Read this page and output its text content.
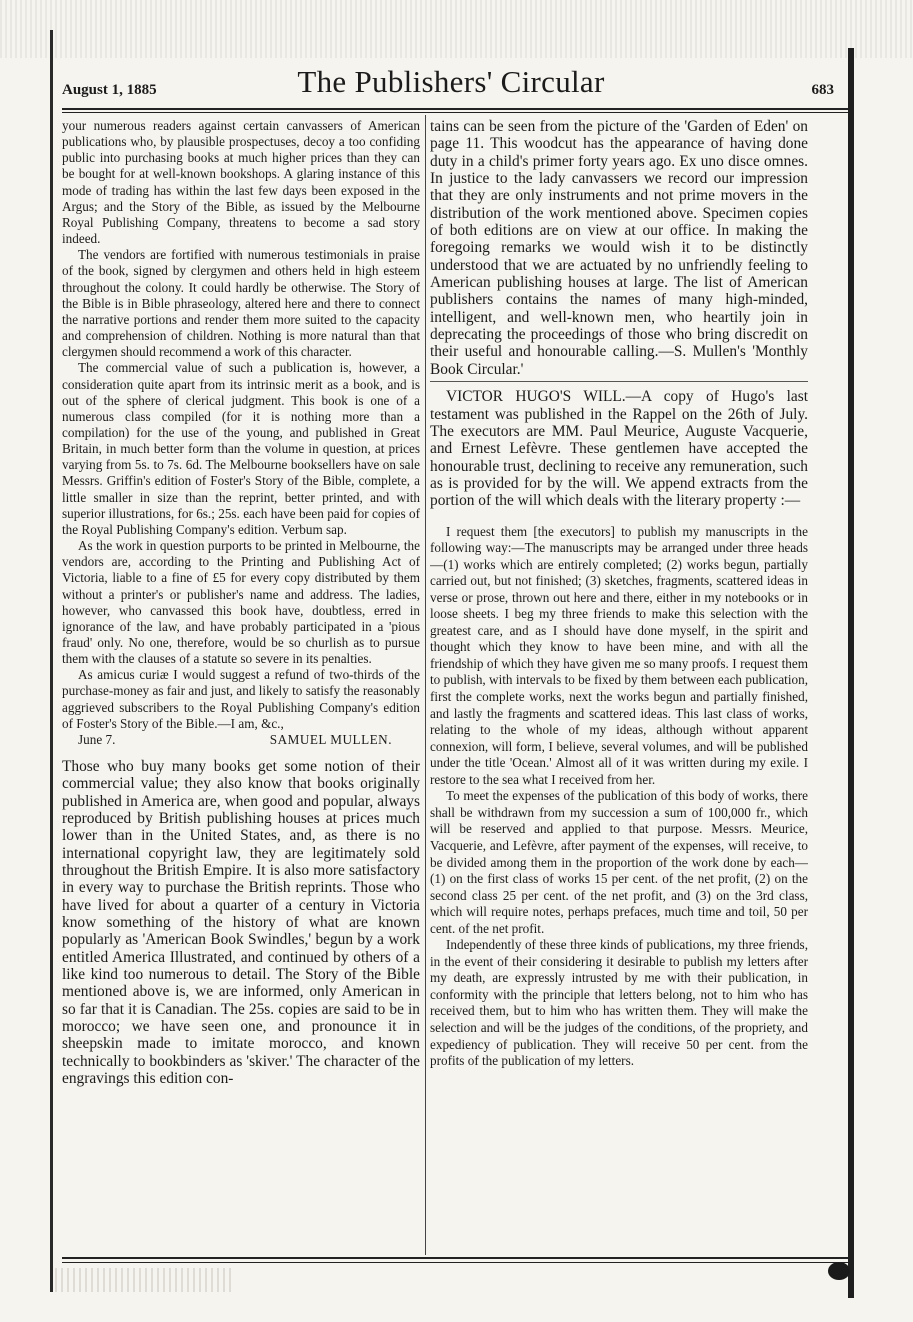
August 1, 1885	The Publishers' Circular	683

your numerous readers against certain canvassers of American publications who, by plausible prospectuses, decoy a too confiding public into purchasing books at much higher prices than they can be bought for at well-known bookshops. A glaring instance of this mode of trading has within the last few days been exposed in the Argus; and the Story of the Bible, as issued by the Melbourne Royal Publishing Company, threatens to become a sad story indeed.

The vendors are fortified with numerous testimonials in praise of the book, signed by clergymen and others held in high esteem throughout the colony. It could hardly be otherwise. The Story of the Bible is in Bible phraseology, altered here and there to connect the narrative portions and render them more suited to the capacity and comprehension of children. Nothing is more natural than that clergymen should recommend a work of this character.

The commercial value of such a publication is, however, a consideration quite apart from its intrinsic merit as a book, and is out of the sphere of clerical judgment. This book is one of a numerous class compiled (for it is nothing more than a compilation) for the use of the young, and published in Great Britain, in much better form than the volume in question, at prices varying from 5s. to 7s. 6d. The Melbourne booksellers have on sale Messrs. Griffin's edition of Foster's Story of the Bible, complete, a little smaller in size than the reprint, better printed, and with superior illustrations, for 6s.; 25s. each have been paid for copies of the Royal Publishing Company's edition. Verbum sap.

As the work in question purports to be printed in Melbourne, the vendors are, according to the Printing and Publishing Act of Victoria, liable to a fine of £5 for every copy distributed by them without a printer's or publisher's name and address. The ladies, however, who canvassed this book have, doubtless, erred in ignorance of the law, and have probably participated in a 'pious fraud' only. No one, therefore, would be so churlish as to pursue them with the clauses of a statute so severe in its penalties.

As amicus curiæ I would suggest a refund of two-thirds of the purchase-money as fair and just, and likely to satisfy the reasonably aggrieved subscribers to the Royal Publishing Company's edition of Foster's Story of the Bible.—I am, &c.,

June 7.	SAMUEL MULLEN.

Those who buy many books get some notion of their commercial value; they also know that books originally published in America are, when good and popular, always reproduced by British publishing houses at prices much lower than in the United States, and, as there is no international copyright law, they are legitimately sold throughout the British Empire. It is also more satisfactory in every way to purchase the British reprints. Those who have lived for about a quarter of a century in Victoria know something of the history of what are known popularly as 'American Book Swindles,' begun by a work entitled America Illustrated, and continued by others of a like kind too numerous to detail. The Story of the Bible mentioned above is, we are informed, only American in so far that it is Canadian. The 25s. copies are said to be in morocco; we have seen one, and pronounce it in sheepskin made to imitate morocco, and known technically to bookbinders as 'skiver.' The character of the engravings this edition con-

tains can be seen from the picture of the 'Garden of Eden' on page 11. This woodcut has the appearance of having done duty in a child's primer forty years ago. Ex uno disce omnes. In justice to the lady canvassers we record our impression that they are only instruments and not prime movers in the distribution of the work mentioned above. Specimen copies of both editions are on view at our office. In making the foregoing remarks we would wish it to be distinctly understood that we are actuated by no unfriendly feeling to American publishing houses at large. The list of American publishers contains the names of many high-minded, intelligent, and well-known men, who heartily join in deprecating the proceedings of those who bring discredit on their useful and honourable calling.—S. Mullen's 'Monthly Book Circular.'

VICTOR HUGO'S WILL.—A copy of Hugo's last testament was published in the Rappel on the 26th of July. The executors are MM. Paul Meurice, Auguste Vacquerie, and Ernest Lefèvre. These gentlemen have accepted the honourable trust, declining to receive any remuneration, such as is provided for by the will. We append extracts from the portion of the will which deals with the literary property :—

I request them [the executors] to publish my manuscripts in the following way:—The manuscripts may be arranged under three heads—(1) works which are entirely completed; (2) works begun, partially carried out, but not finished; (3) sketches, fragments, scattered ideas in verse or prose, thrown out here and there, either in my notebooks or in loose sheets. I beg my three friends to make this selection with the greatest care, and as I should have done myself, in the spirit and thought which they know to have been mine, and with all the friendship of which they have given me so many proofs. I request them to publish, with intervals to be fixed by them between each publication, first the complete works, next the works begun and partially finished, and lastly the fragments and scattered ideas. This last class of works, relating to the whole of my ideas, although without apparent connexion, will form, I believe, several volumes, and will be published under the title 'Ocean.' Almost all of it was written during my exile. I restore to the sea what I received from her.

To meet the expenses of the publication of this body of works, there shall be withdrawn from my succession a sum of 100,000 fr., which will be reserved and applied to that purpose. Messrs. Meurice, Vacquerie, and Lefèvre, after payment of the expenses, will receive, to be divided among them in the proportion of the work done by each—(1) on the first class of works 15 per cent. of the net profit, (2) on the second class 25 per cent. of the net profit, and (3) on the 3rd class, which will require notes, perhaps prefaces, much time and toil, 50 per cent. of the net profit.

Independently of these three kinds of publications, my three friends, in the event of their considering it desirable to publish my letters after my death, are expressly intrusted by me with their publication, in conformity with the principle that letters belong, not to him who has received them, but to him who has written them. They will make the selection and will be the judges of the conditions, of the propriety, and expediency of publication. They will receive 50 per cent. from the profits of the publication of my letters.
